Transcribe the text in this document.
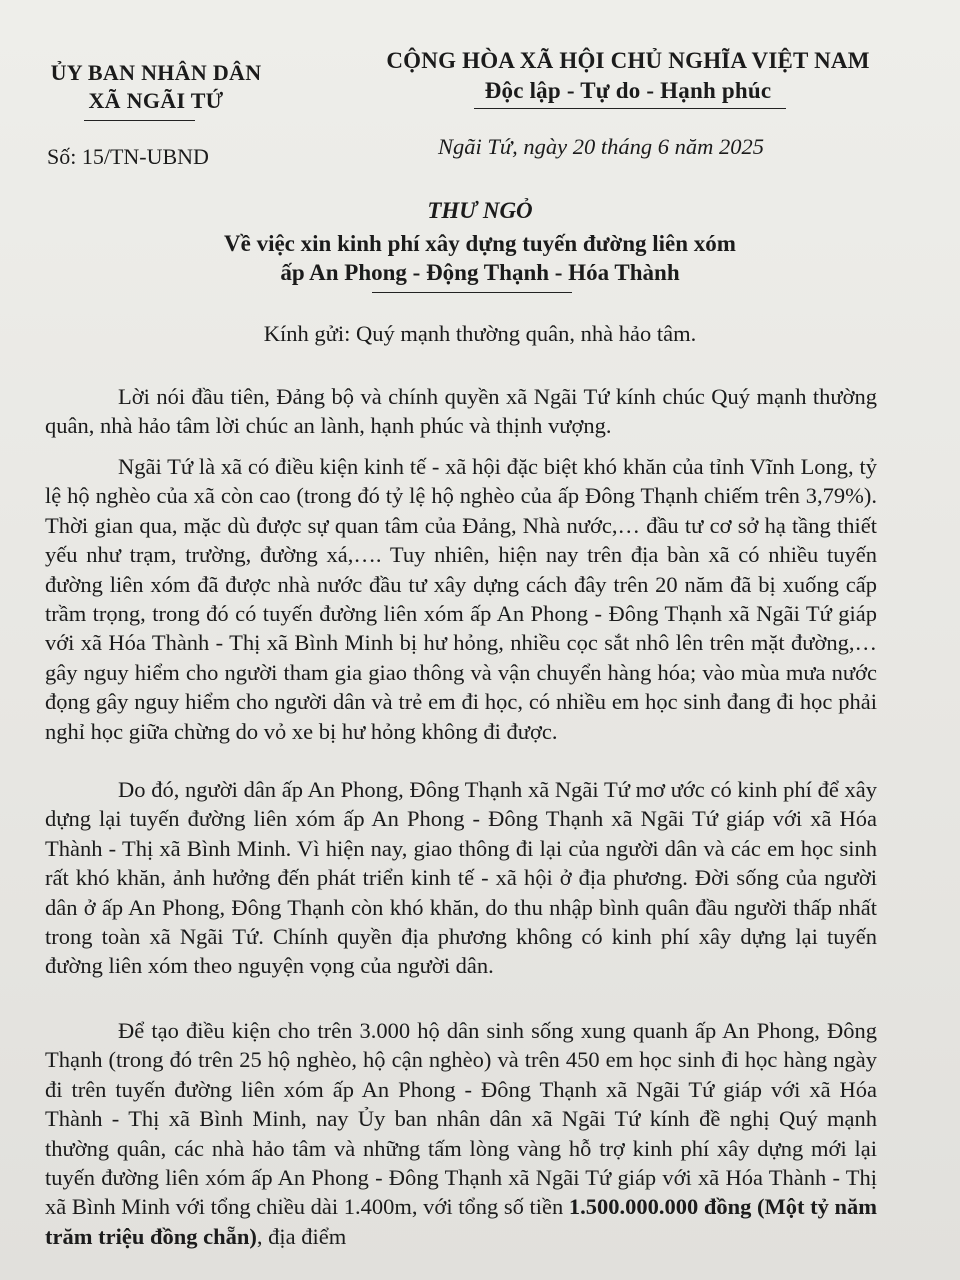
ỦY BAN NHÂN DÂN
XÃ NGÃI TỨ
CỘNG HÒA XÃ HỘI CHỦ NGHĨA VIỆT NAM
Độc lập - Tự do - Hạnh phúc
Số: 15/TN-UBND	Ngãi Tứ, ngày 20 tháng 6 năm 2025
THƯ NGỎ
Về việc xin kinh phí xây dựng tuyến đường liên xóm
ấp An Phong - Động Thạnh - Hóa Thành
Kính gửi: Quý mạnh thường quân, nhà hảo tâm.

Lời nói đầu tiên, Đảng bộ và chính quyền xã Ngãi Tứ kính chúc Quý mạnh thường quân, nhà hảo tâm lời chúc an lành, hạnh phúc và thịnh vượng.

Ngãi Tứ là xã có điều kiện kinh tế - xã hội đặc biệt khó khăn của tỉnh Vĩnh Long, tỷ lệ hộ nghèo của xã còn cao (trong đó tỷ lệ hộ nghèo của ấp Đông Thạnh chiếm trên 3,79%). Thời gian qua, mặc dù được sự quan tâm của Đảng, Nhà nước,… đầu tư cơ sở hạ tầng thiết yếu như trạm, trường, đường xá,…. Tuy nhiên, hiện nay trên địa bàn xã có nhiều tuyến đường liên xóm đã được nhà nước đầu tư xây dựng cách đây trên 20 năm đã bị xuống cấp trầm trọng, trong đó có tuyến đường liên xóm ấp An Phong - Đông Thạnh xã Ngãi Tứ giáp với xã Hóa Thành - Thị xã Bình Minh bị hư hỏng, nhiều cọc sắt nhô lên trên mặt đường,… gây nguy hiểm cho người tham gia giao thông và vận chuyển hàng hóa; vào mùa mưa nước đọng gây nguy hiểm cho người dân và trẻ em đi học, có nhiều em học sinh đang đi học phải nghỉ học giữa chừng do vỏ xe bị hư hỏng không đi được.

Do đó, người dân ấp An Phong, Đông Thạnh xã Ngãi Tứ mơ ước có kinh phí để xây dựng lại tuyến đường liên xóm ấp An Phong - Đông Thạnh xã Ngãi Tứ giáp với xã Hóa Thành - Thị xã Bình Minh. Vì hiện nay, giao thông đi lại của người dân và các em học sinh rất khó khăn, ảnh hưởng đến phát triển kinh tế - xã hội ở địa phương. Đời sống của người dân ở ấp An Phong, Đông Thạnh còn khó khăn, do thu nhập bình quân đầu người thấp nhất trong toàn xã Ngãi Tứ. Chính quyền địa phương không có kinh phí xây dựng lại tuyến đường liên xóm theo nguyện vọng của người dân.

Để tạo điều kiện cho trên 3.000 hộ dân sinh sống xung quanh ấp An Phong, Đông Thạnh (trong đó trên 25 hộ nghèo, hộ cận nghèo) và trên 450 em học sinh đi học hàng ngày đi trên tuyến đường liên xóm ấp An Phong - Đông Thạnh xã Ngãi Tứ giáp với xã Hóa Thành - Thị xã Bình Minh, nay Ủy ban nhân dân xã Ngãi Tứ kính đề nghị Quý mạnh thường quân, các nhà hảo tâm và những tấm lòng vàng hỗ trợ kinh phí xây dựng mới lại tuyến đường liên xóm ấp An Phong - Đông Thạnh xã Ngãi Tứ giáp với xã Hóa Thành - Thị xã Bình Minh với tổng chiều dài 1.400m, với tổng số tiền 1.500.000.000 đồng (Một tỷ năm trăm triệu đồng chẵn), địa điểm
